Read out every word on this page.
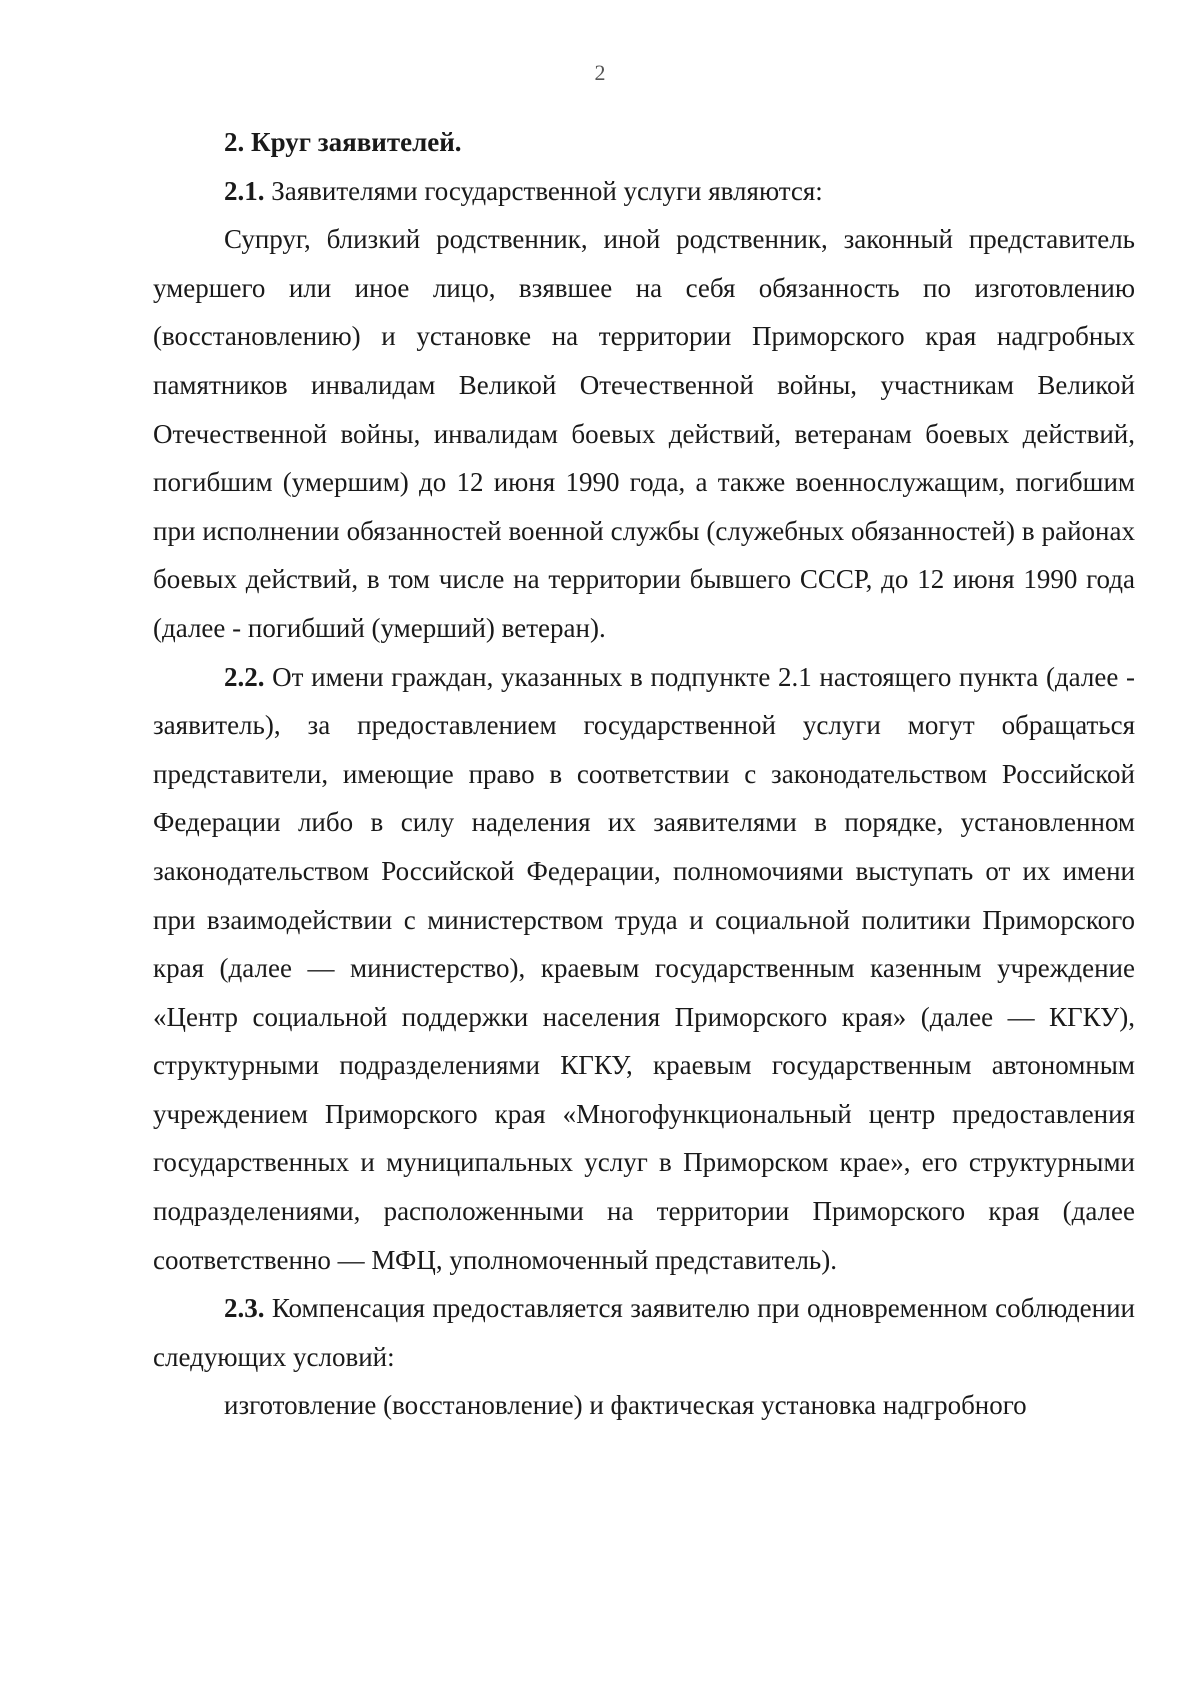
2

2. Круг заявителей.

2.1. Заявителями государственной услуги являются:

Супруг, близкий родственник, иной родственник, законный представитель умершего или иное лицо, взявшее на себя обязанность по изготовлению (восстановлению) и установке на территории Приморского края надгробных памятников инвалидам Великой Отечественной войны, участникам Великой Отечественной войны, инвалидам боевых действий, ветеранам боевых действий, погибшим (умершим) до 12 июня 1990 года, а также военнослужащим, погибшим при исполнении обязанностей военной службы (служебных обязанностей) в районах боевых действий, в том числе на территории бывшего СССР, до 12 июня 1990 года (далее - погибший (умерший) ветеран).

2.2. От имени граждан, указанных в подпункте 2.1 настоящего пункта (далее - заявитель), за предоставлением государственной услуги могут обращаться представители, имеющие право в соответствии с законодательством Российской Федерации либо в силу наделения их заявителями в порядке, установленном законодательством Российской Федерации, полномочиями выступать от их имени при взаимодействии с министерством труда и социальной политики Приморского края (далее — министерство), краевым государственным казенным учреждение «Центр социальной поддержки населения Приморского края» (далее — КГКУ), структурными подразделениями КГКУ, краевым государственным автономным учреждением Приморского края «Многофункциональный центр предоставления государственных и муниципальных услуг в Приморском крае», его структурными подразделениями, расположенными на территории Приморского края (далее соответственно — МФЦ, уполномоченный представитель).

2.3. Компенсация предоставляется заявителю при одновременном соблюдении следующих условий:

изготовление (восстановление) и фактическая установка надгробного
